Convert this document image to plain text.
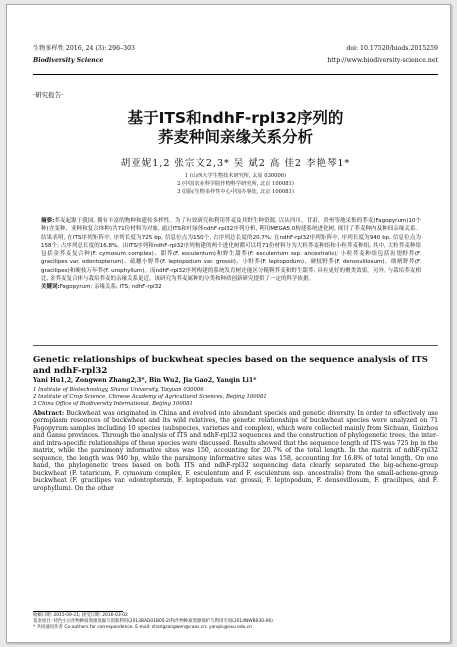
生物多样性 2016, 24 (3): 296–303
Biodiversity Science
doi: 10.17520/biods.2015259
http://www.biodiversity-science.net
·研究报告·
基于ITS和ndhF-rpl32序列的
荞麦种间亲缘关系分析
胡亚妮1,2 张宗文2,3* 吴 斌2 高 佳2 李艳琴1*
1 (山西大学生物技术研究所, 太原 030006)
2 (中国农业科学院作物科学研究所, 北京 100081)
3 (国际生物多样性中心中国办事处, 北京 100081)
摘要:荞麦起源于我国, 拥有丰富的物种和遗传多样性。为了有效研究和利用荞麦及其野生种资源, 以从四川、甘肃、贵州等地采集的荞麦(Fagopyrum)10个种(含变种、亚种和复合体种)共71份材料为对象, 通过ITS和叶绿体ndhF-rpl32序列分析, 利用MEGA5.0构建系统进化树, 探讨了荞麦种内及种间亲缘关系。结果表明, 在ITS序列矩阵中, 序列长度为725 bp, 信息位点为150个, 占序列总长度的20.7%; 在ndhF-rpl32序列矩阵中, 序列长度为940 bp, 信息位点为158个, 占序列总长度的16.8%。由ITS序列和ndhF-rpl32序列构建的两个进化树都可以将71份材料分为大粒荞麦种组和小粒荞麦种组, 其中, 大粒荞麦种组包括金荞麦复合种(F. cymosum complex)、甜荞(F. esculentum)和野生甜荞(F. esculentum ssp. ancestralis); 小粒荞麦种组包括齿翅野荞(F. gracilipes var. odontopterum)、疏穗小野荞(F. leptopodum var. grossii)、小野荞(F. leptopodum)、硬枝野荞(F. densovillosum)、细柄野荞(F. gracilipes)和硬枝万年荞(F. urophyllum)。而ndhF-rpl32序列构建的系统发育树还能区分鞑靼荞麦和野生甜荞, 具有更好的聚类效果。另外, 与栽培荞麦相比, 金荞麦复合体与栽培荞麦的亲缘关系更近。该研究为荞麦属种的分类和种质创新研究提供了一定的科学依据。
关键词:Fagopyrum; 亲缘关系; ITS; ndhF-rpl32
Genetic relationships of buckwheat species based on the sequence analysis of ITS and ndhF-rpl32
Yani Hu1,2, Zongwen Zhang2,3*, Bin Wu2, Jia Gao2, Yanqin Li1*
1 Institute of Biotechnology, Shanxi University, Taiyuan 030006
2 Institute of Crop Science, Chinese Academy of Agricultural Sciences, Beijing 100081
3 China Office of Biodiversity International, Beijing 100081
Abstract: Buckwheat was originated in China and evolved into abundant species and genetic diversity. In order to effectively use germplasm resources of buckwheat and its wild relatives, the genetic relationships of buckwheat species were analyzed on 71 Fagopyrum samples including 10 species (subspecies, varieties and complex), which were collected mainly from Sichuan, Guizhou and Gansu provinces. Through the analysis of ITS and ndhF-rpl32 sequences and the construction of phylogenetic trees, the inter- and intra-specific relationships of these species were discussed. Results showed that the sequence length of ITS was 725 bp in the matrix, while the parsimony informative sites was 150, accounting for 20.7% of the total length. In the matrix of ndhF-rpl32 sequence, the length was 940 bp, while the parsimony informative sites was 158, accounting for 16.8% of total length. On one hand, the phylogenetic trees based on both ITS and ndhF-rpl32 sequencing data clearly separated the big-achene-group buckwheat (F. tataricum, F. cymosum complex, F. esculentum and F. esculentum ssp. ancestralis) from the small-achene-group buckwheat (F. gracilipes var. odontopterum, F. leptopodum var. grossii, F. leptopodum, F. densovillosum, F. gracilipes, and F. urophyllum). On the other
收稿日期: 2015-09-21; 接受日期: 2016-03-02
基金项目: 特色小宗作物种质资源发掘与创新利用(2013BAD01B05-2)和作物种质资源保护与利用专项(2014NWB030-06)
* 共同通讯作者 Co-authors for correspondence. E-mail: zhangzongwen@caas.cn; yanqin@sxu.edu.cn
